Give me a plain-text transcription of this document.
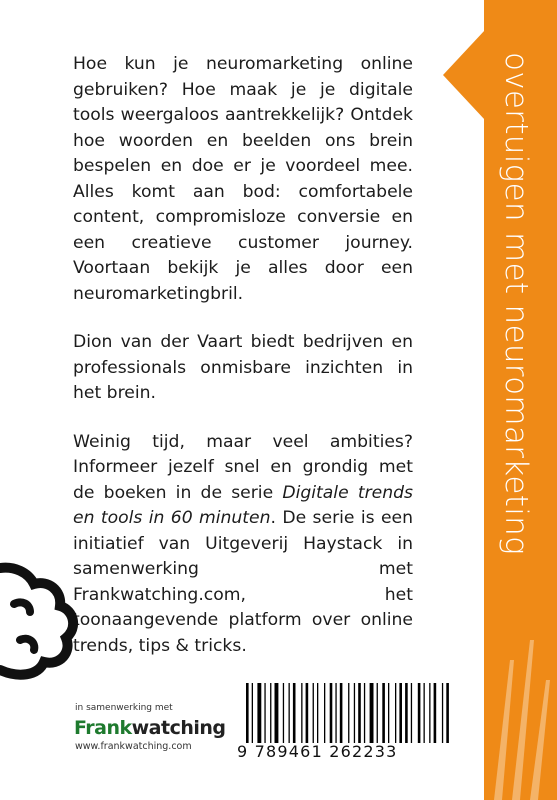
overtuigen met neuromarketing

Hoe kun je neuromarketing online gebruiken? Hoe maak je je digitale tools weergaloos aantrekkelijk? Ontdek hoe woorden en beelden ons brein bespelen en doe er je voordeel mee. Alles komt aan bod: comfortabele content, compromisloze conversie en een creatieve customer journey. Voortaan bekijk je alles door een neuromarketingbril.

Dion van der Vaart biedt bedrijven en professionals onmisbare inzichten in het brein.

Weinig tijd, maar veel ambities? Informeer jezelf snel en grondig met de boeken in de serie Digitale trends en tools in 60 minuten. De serie is een initiatief van Uitgeverij Haystack in samenwerking met Frankwatching.com, het toonaangevende platform over online trends, tips & tricks.

in samenwerking met

Frankwatching

www.frankwatching.com	9 789461 262233
